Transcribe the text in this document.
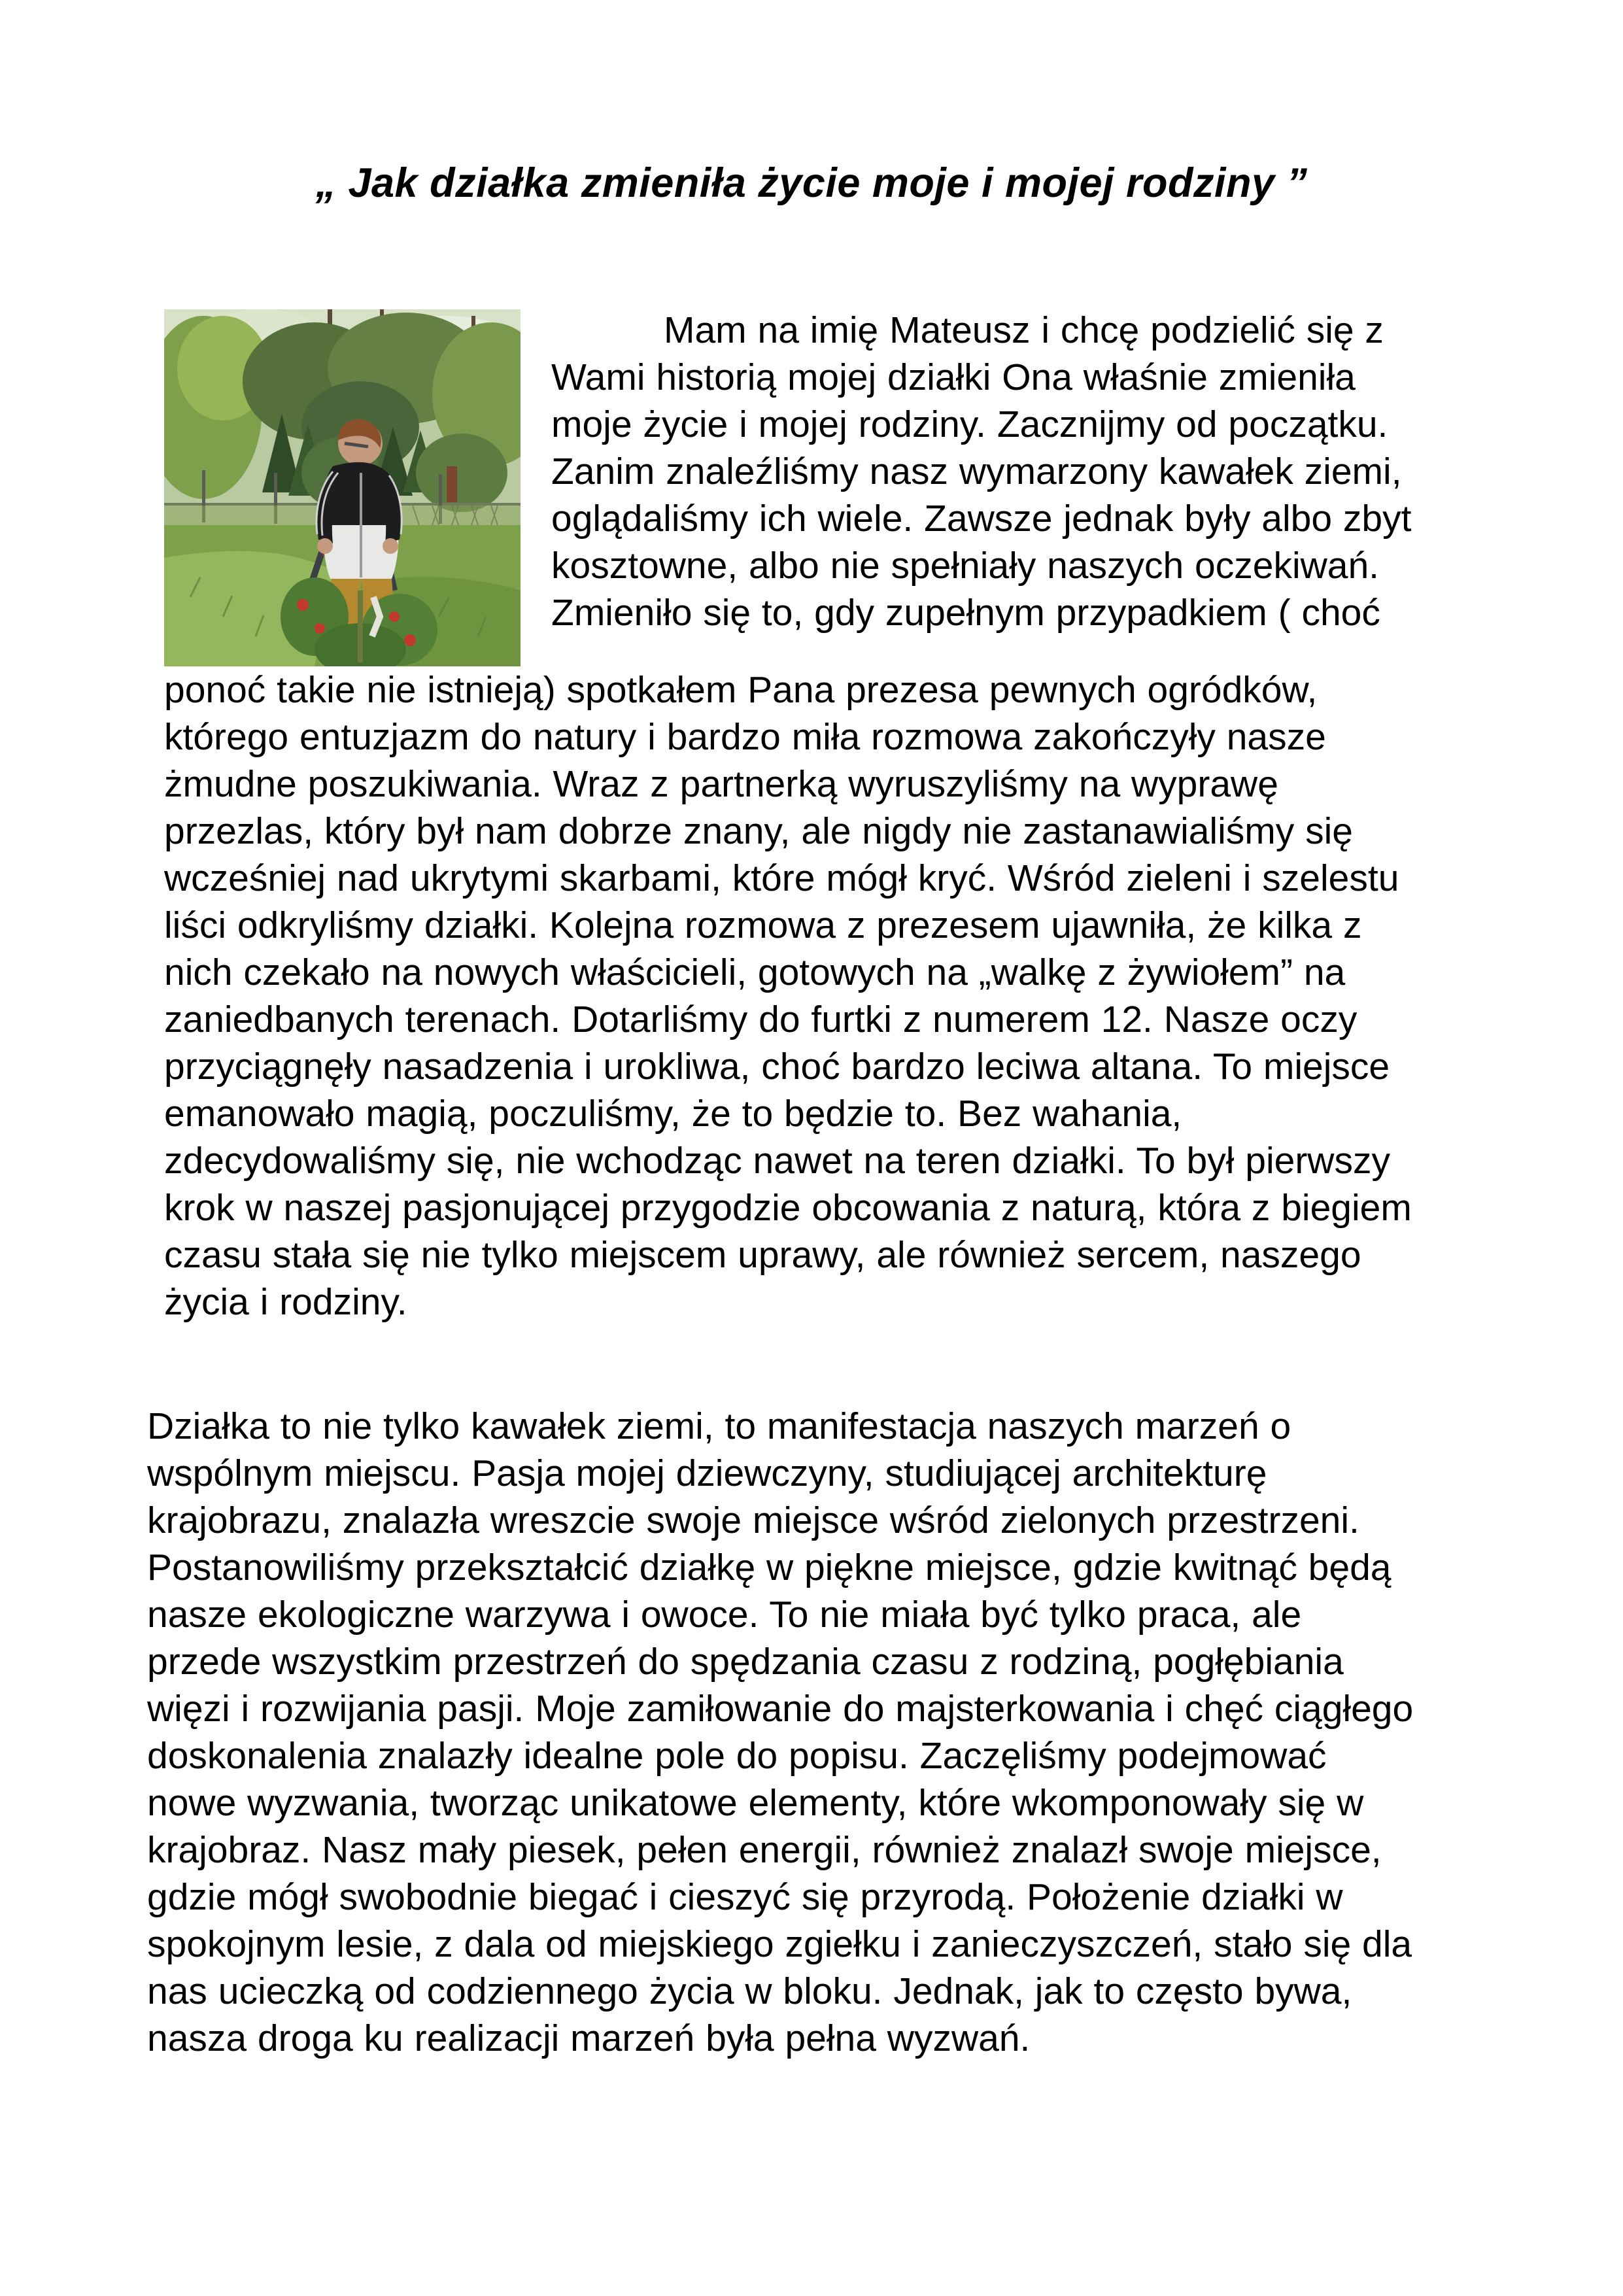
„ Jak działka zmieniła życie moje i mojej rodziny ”
Mam na imię Mateusz i chcę podzielić się z Wami historią mojej działki Ona właśnie zmieniła moje życie i mojej rodziny. Zacznijmy od początku. Zanim znaleźliśmy nasz wymarzony kawałek ziemi, oglądaliśmy ich wiele. Zawsze jednak były albo zbyt kosztowne, albo nie spełniały naszych oczekiwań. Zmieniło się to, gdy zupełnym przypadkiem ( choć
ponoć takie nie istnieją) spotkałem Pana prezesa pewnych ogródków, którego entuzjazm do natury i bardzo miła rozmowa zakończyły nasze żmudne poszukiwania. Wraz z partnerką wyruszyliśmy na wyprawę przezlas, który był nam dobrze znany, ale nigdy nie zastanawialiśmy się wcześniej nad ukrytymi skarbami, które mógł kryć. Wśród zieleni i szelestu liści odkryliśmy działki. Kolejna rozmowa z prezesem ujawniła, że kilka z nich czekało na nowych właścicieli, gotowych na „walkę z żywiołem” na zaniedbanych terenach. Dotarliśmy do furtki z numerem 12. Nasze oczy przyciągnęły nasadzenia i urokliwa, choć bardzo leciwa altana. To miejsce emanowało magią, poczuliśmy, że to będzie to. Bez wahania, zdecydowaliśmy się, nie wchodząc nawet na teren działki. To był pierwszy krok w naszej pasjonującej przygodzie obcowania z naturą, która z biegiem czasu stała się nie tylko miejscem uprawy, ale również sercem, naszego życia i rodziny.
Działka to nie tylko kawałek ziemi, to manifestacja naszych marzeń o wspólnym miejscu. Pasja mojej dziewczyny, studiującej architekturę krajobrazu, znalazła wreszcie swoje miejsce wśród zielonych przestrzeni. Postanowiliśmy przekształcić działkę w piękne miejsce, gdzie kwitnąć będą nasze ekologiczne warzywa i owoce. To nie miała być tylko praca, ale przede wszystkim przestrzeń do spędzania czasu z rodziną, pogłębiania więzi i rozwijania pasji. Moje zamiłowanie do majsterkowania i chęć ciągłego doskonalenia znalazły idealne pole do popisu. Zaczęliśmy podejmować nowe wyzwania, tworząc unikatowe elementy, które wkomponowały się w krajobraz. Nasz mały piesek, pełen energii, również znalazł swoje miejsce, gdzie mógł swobodnie biegać i cieszyć się przyrodą. Położenie działki w spokojnym lesie, z dala od miejskiego zgiełku i zanieczyszczeń, stało się dla nas ucieczką od codziennego życia w bloku. Jednak, jak to często bywa, nasza droga ku realizacji marzeń była pełna wyzwań.
